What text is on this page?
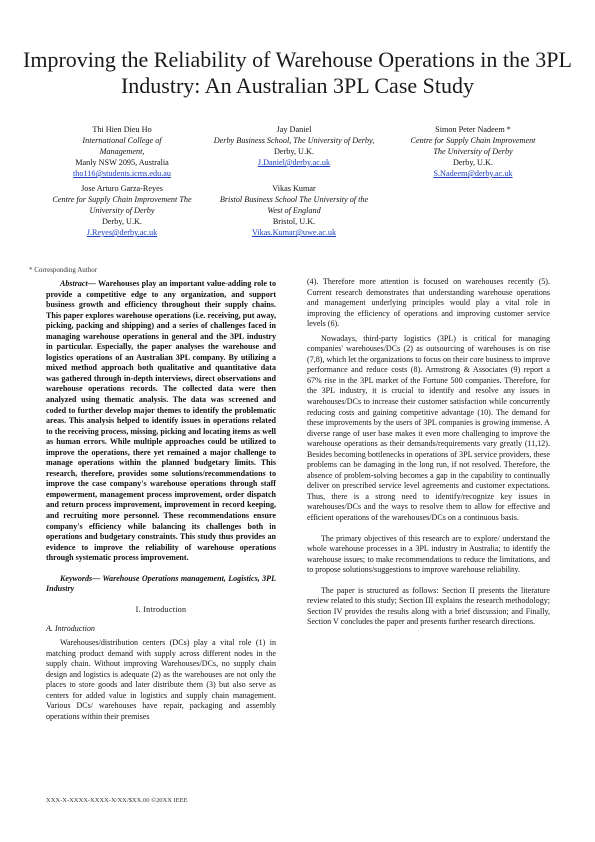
Improving the Reliability of Warehouse Operations in the 3PL Industry: An Australian 3PL Case Study
Thi Hien Dieu Ho
International College of Management,
Manly NSW 2095, Australia
tho116@students.icms.edu.au
Jay Daniel
Derby Business School, The University of Derby,
Derby, U.K.
J.Daniel@derby.ac.uk
Simon Peter Nadeem *
Centre for Supply Chain Improvement The University of Derby
Derby, U.K.
S.Nadeem@derby.ac.uk
Jose Arturo Garza-Reyes
Centre for Supply Chain Improvement The University of Derby
Derby, U.K.
J.Reyes@derby.ac.uk
Vikas Kumar
Bristol Business School The University of the West of England
Bristol, U.K.
Vikas.Kumar@uwe.ac.uk
* Corresponding Author

Abstract— Warehouses play an important value-adding role to provide a competitive edge to any organization, and support business growth and efficiency throughout their supply chains. This paper explores warehouse operations (i.e. receiving, put away, picking, packing and shipping) and a series of challenges faced in managing warehouse operations in general and the 3PL industry in particular. Especially, the paper analyses the warehouse and logistics operations of an Australian 3PL company. By utilizing a mixed method approach both qualitative and quantitative data was gathered through in-depth interviews, direct observations and warehouse operations records. The collected data were then analyzed using thematic analysis. The data was screened and coded to further develop major themes to identify the problematic areas. This analysis helped to identify issues in operations related to the receiving process, missing, picking and locating items as well as human errors. While multiple approaches could be utilized to improve the operations, there yet remained a major challenge to manage operations within the planned budgetary limits. This research, therefore, provides some solutions/recommendations to improve the case company's warehouse operations through staff empowerment, management process improvement, order dispatch and return process improvement, improvement in record keeping, and recruiting more personnel. These recommendations ensure company's efficiency while balancing its challenges both in operations and budgetary constraints. This study thus provides an evidence to improve the reliability of warehouse operations through systematic process improvement.

Keywords— Warehouse Operations management, Logistics, 3PL Industry

I. Introduction

A. Introduction

Warehouses/distribution centers (DCs) play a vital role (1) in matching product demand with supply across different nodes in the supply chain. Without improving Warehouses/DCs, no supply chain design and logistics is adequate (2) as the warehouses are not only the places to store goods and later distribute them (3) but also serve as centers for added value in logistics and supply chain management. Various DCs/ warehouses have repair, packaging and assembly operations within their premises

(4). Therefore more attention is focused on warehouses recently (5). Current research demonstrates that understanding warehouse operations and management underlying principles would play a vital role in improving the efficiency of operations and improving customer service levels (6).

Nowadays, third-party logistics (3PL) is critical for managing companies' warehouses/DCs (2) as outsourcing of warehouses is on rise (7,8), which let the organizations to focus on their core business to improve performance and reduce costs (8). Armstrong & Associates (9) report a 67% rise in the 3PL market of the Fortune 500 companies. Therefore, for the 3PL industry, it is crucial to identify and resolve any issues in warehouses/DCs to increase their customer satisfaction while concurrently reducing costs and gaining competitive advantage (10). The demand for these improvements by the users of 3PL companies is growing immense. A diverse range of user base makes it even more challenging to improve the warehouse operations as their demands/requirements vary greatly (11,12). Besides becoming bottlenecks in operations of 3PL service providers, these problems can be damaging in the long run, if not resolved. Therefore, the absence of problem-solving becomes a gap in the capability to continually deliver on prescribed service level agreements and customer expectations. Thus, there is a strong need to identify/recognize key issues in warehouses/DCs and the ways to resolve them to allow for effective and efficient operations of the warehouses/DCs on a continuous basis.

The primary objectives of this research are to explore/ understand the whole warehouse processes in a 3PL industry in Australia; to identify the warehouse issues; to make recommendations to reduce the limitations, and to propose solutions/suggestions to improve warehouse reliability.

The paper is structured as follows: Section II presents the literature review related to this study; Section III explains the research methodology; Section IV provides the results along with a brief discussion; and Finally, Section V concludes the paper and presents further research directions.

XXX-X-XXXX-XXXX-X/XX/$XX.00 ©20XX IEEE
